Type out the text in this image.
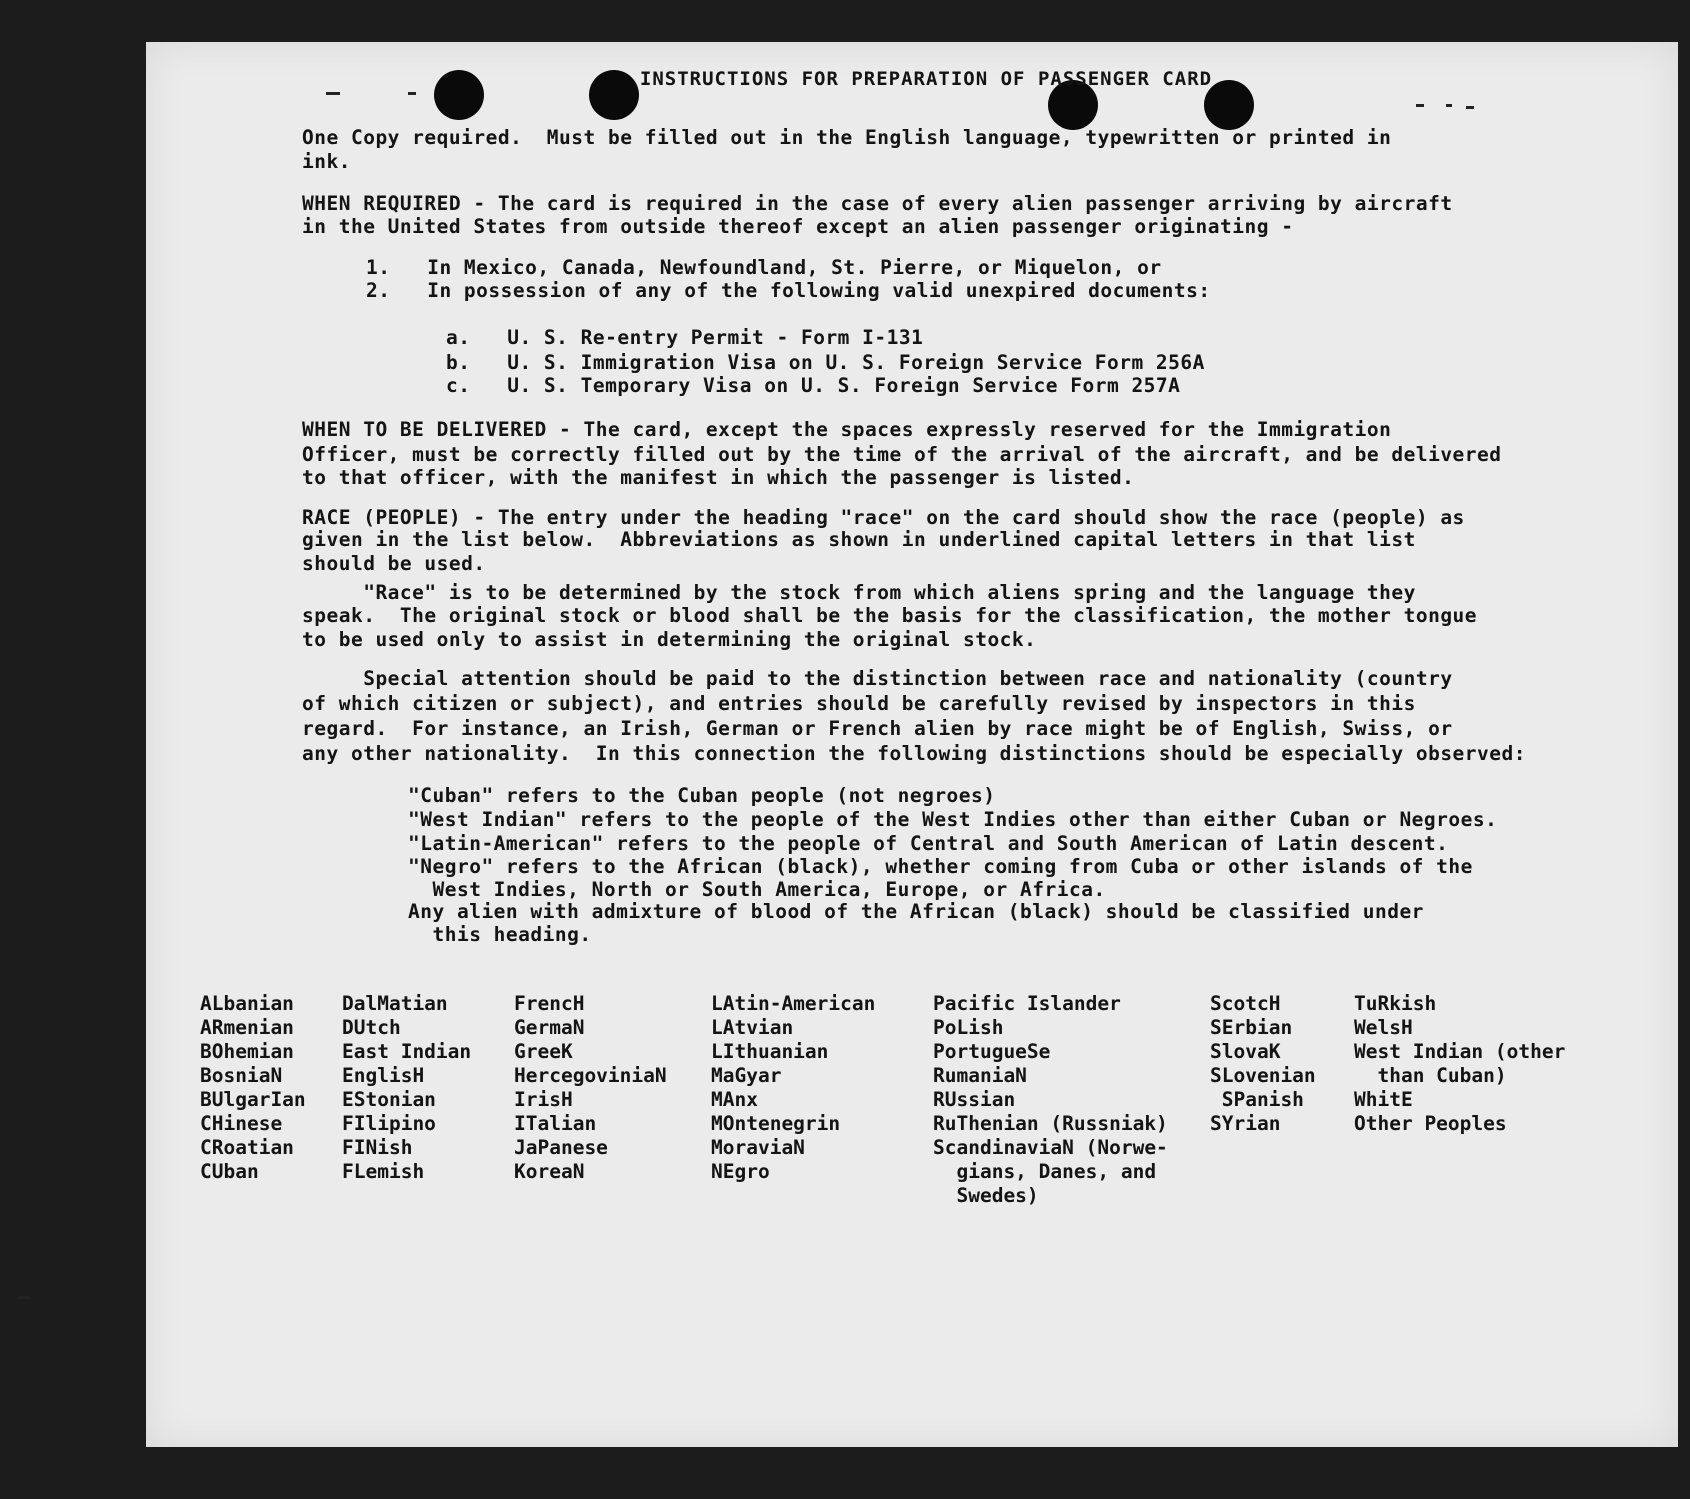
INSTRUCTIONS FOR PREPARATION OF PASSENGER CARD
One Copy required.  Must be filled out in the English language, typewritten or printed in
ink.
WHEN REQUIRED - The card is required in the case of every alien passenger arriving by aircraft
in the United States from outside thereof except an alien passenger originating -
1.   In Mexico, Canada, Newfoundland, St. Pierre, or Miquelon, or
2.   In possession of any of the following valid unexpired documents:
a.   U. S. Re-entry Permit - Form I-131
b.   U. S. Immigration Visa on U. S. Foreign Service Form 256A
c.   U. S. Temporary Visa on U. S. Foreign Service Form 257A
WHEN TO BE DELIVERED - The card, except the spaces expressly reserved for the Immigration
Officer, must be correctly filled out by the time of the arrival of the aircraft, and be delivered
to that officer, with the manifest in which the passenger is listed.
RACE (PEOPLE) - The entry under the heading "race" on the card should show the race (people) as
given in the list below.  Abbreviations as shown in underlined capital letters in that list
should be used.
"Race" is to be determined by the stock from which aliens spring and the language they
speak.  The original stock or blood shall be the basis for the classification, the mother tongue
to be used only to assist in determining the original stock.
Special attention should be paid to the distinction between race and nationality (country
of which citizen or subject), and entries should be carefully revised by inspectors in this
regard.  For instance, an Irish, German or French alien by race might be of English, Swiss, or
any other nationality.  In this connection the following distinctions should be especially observed:
"Cuban" refers to the Cuban people (not negroes)
"West Indian" refers to the people of the West Indies other than either Cuban or Negroes.
"Latin-American" refers to the people of Central and South American of Latin descent.
"Negro" refers to the African (black), whether coming from Cuba or other islands of the
West Indies, North or South America, Europe, or Africa.
Any alien with admixture of blood of the African (black) should be classified under
this heading.
ALbanian
ARmenian
BOhemian
BosniaN
BUlgarIan
CHinese
CRoatian
CUban
DalMatian
DUtch
East Indian
EnglisH
EStonian
FIlipino
FINish
FLemish
FrencH
GermaN
GreeK
HercegoviniaN
IrisH
ITalian
JaPanese
KoreaN
LAtin-American
LAtvian
LIthuanian
MaGyar
MAnx
MOntenegrin
MoraviaN
NEgro
Pacific Islander
PoLish
PortugueSe
RumaniaN
RUssian
RuThenian (Russniak)
ScandinaviaN (Norwe-
gians, Danes, and
Swedes)
ScotcH
SErbian
SlovaK
SLovenian
SPanish
SYrian
TuRkish
WelsH
West Indian (other
than Cuban)
WhitE
Other Peoples
